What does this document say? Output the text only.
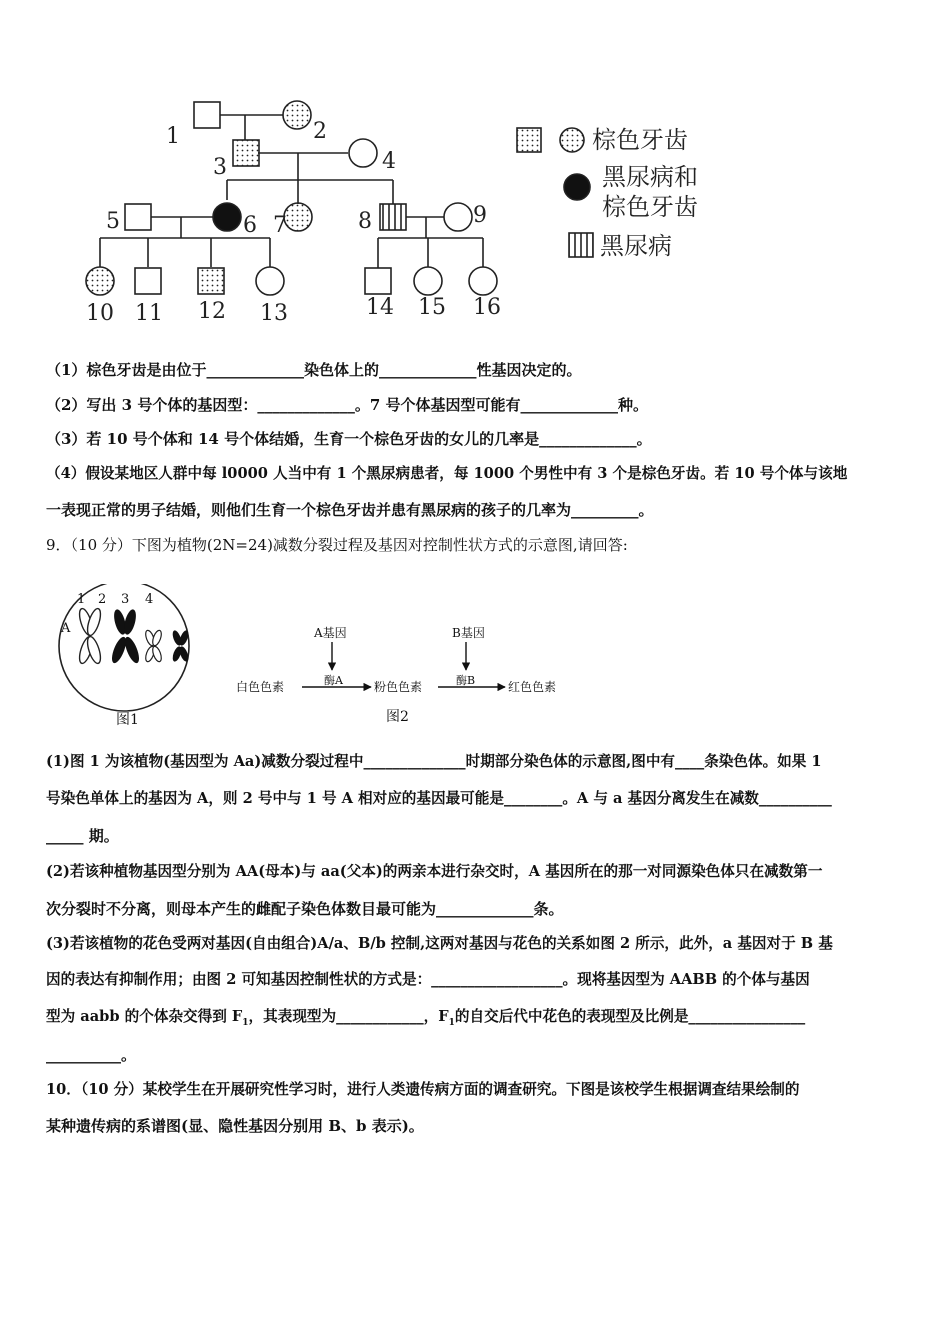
1	2
3	4
5	6 7	8	9
10 11 12 13	14 15 16
棕色牙齿
黑尿病和
棕色牙齿
黑尿病
（1）棕色牙齿是由位于_____________染色体上的_____________性基因决定的。
（2）写出 3 号个体的基因型：_____________。7 号个体基因型可能有_____________种。
（3）若 10 号个体和 14 号个体结婚，生育一个棕色牙齿的女儿的几率是_____________。
（4）假设某地区人群中每 l0000 人当中有 1 个黑尿病患者，每 1000 个男性中有 3 个是棕色牙齿。若 10 号个体与该地
一表现正常的男子结婚，则他们生育一个棕色牙齿并患有黑尿病的孩子的几率为_________。
9．（10 分）下图为植物(2N=24)减数分裂过程及基因对控制性状方式的示意图,请回答:
1 2 3 4
A
图1
A基因	B基因
白色色素	粉色色素	红色色素
酶A	酶B
图2
(1)图 1 为该植物(基因型为 Aa)减数分裂过程中______________时期部分染色体的示意图,图中有____条染色体。如果 1
号染色单体上的基因为 A，则 2 号中与 1 号 A 相对应的基因最可能是________。A 与 a 基因分离发生在减数__________
_____ 期。
(2)若该种植物基因型分别为 AA(母本)与 aa(父本)的两亲本进行杂交时，A 基因所在的那一对同源染色体只在减数第一
次分裂时不分离，则母本产生的雌配子染色体数目最可能为_____________条。
(3)若该植物的花色受两对基因(自由组合)A/a、B/b 控制,这两对基因与花色的关系如图 2 所示，此外，a 基因对于 B 基
因的表达有抑制作用；由图 2 可知基因控制性状的方式是：__________________。现将基因型为 AABB 的个体与基因
型为 aabb 的个体杂交得到 $F_1$，其表现型为____________，$F_1$的自交后代中花色的表现型及比例是________________
__________。
10．（10 分）某校学生在开展研究性学习时，进行人类遗传病方面的调查研究。下图是该校学生根据调查结果绘制的
某种遗传病的系谱图(显、隐性基因分别用 B、b 表示)。
